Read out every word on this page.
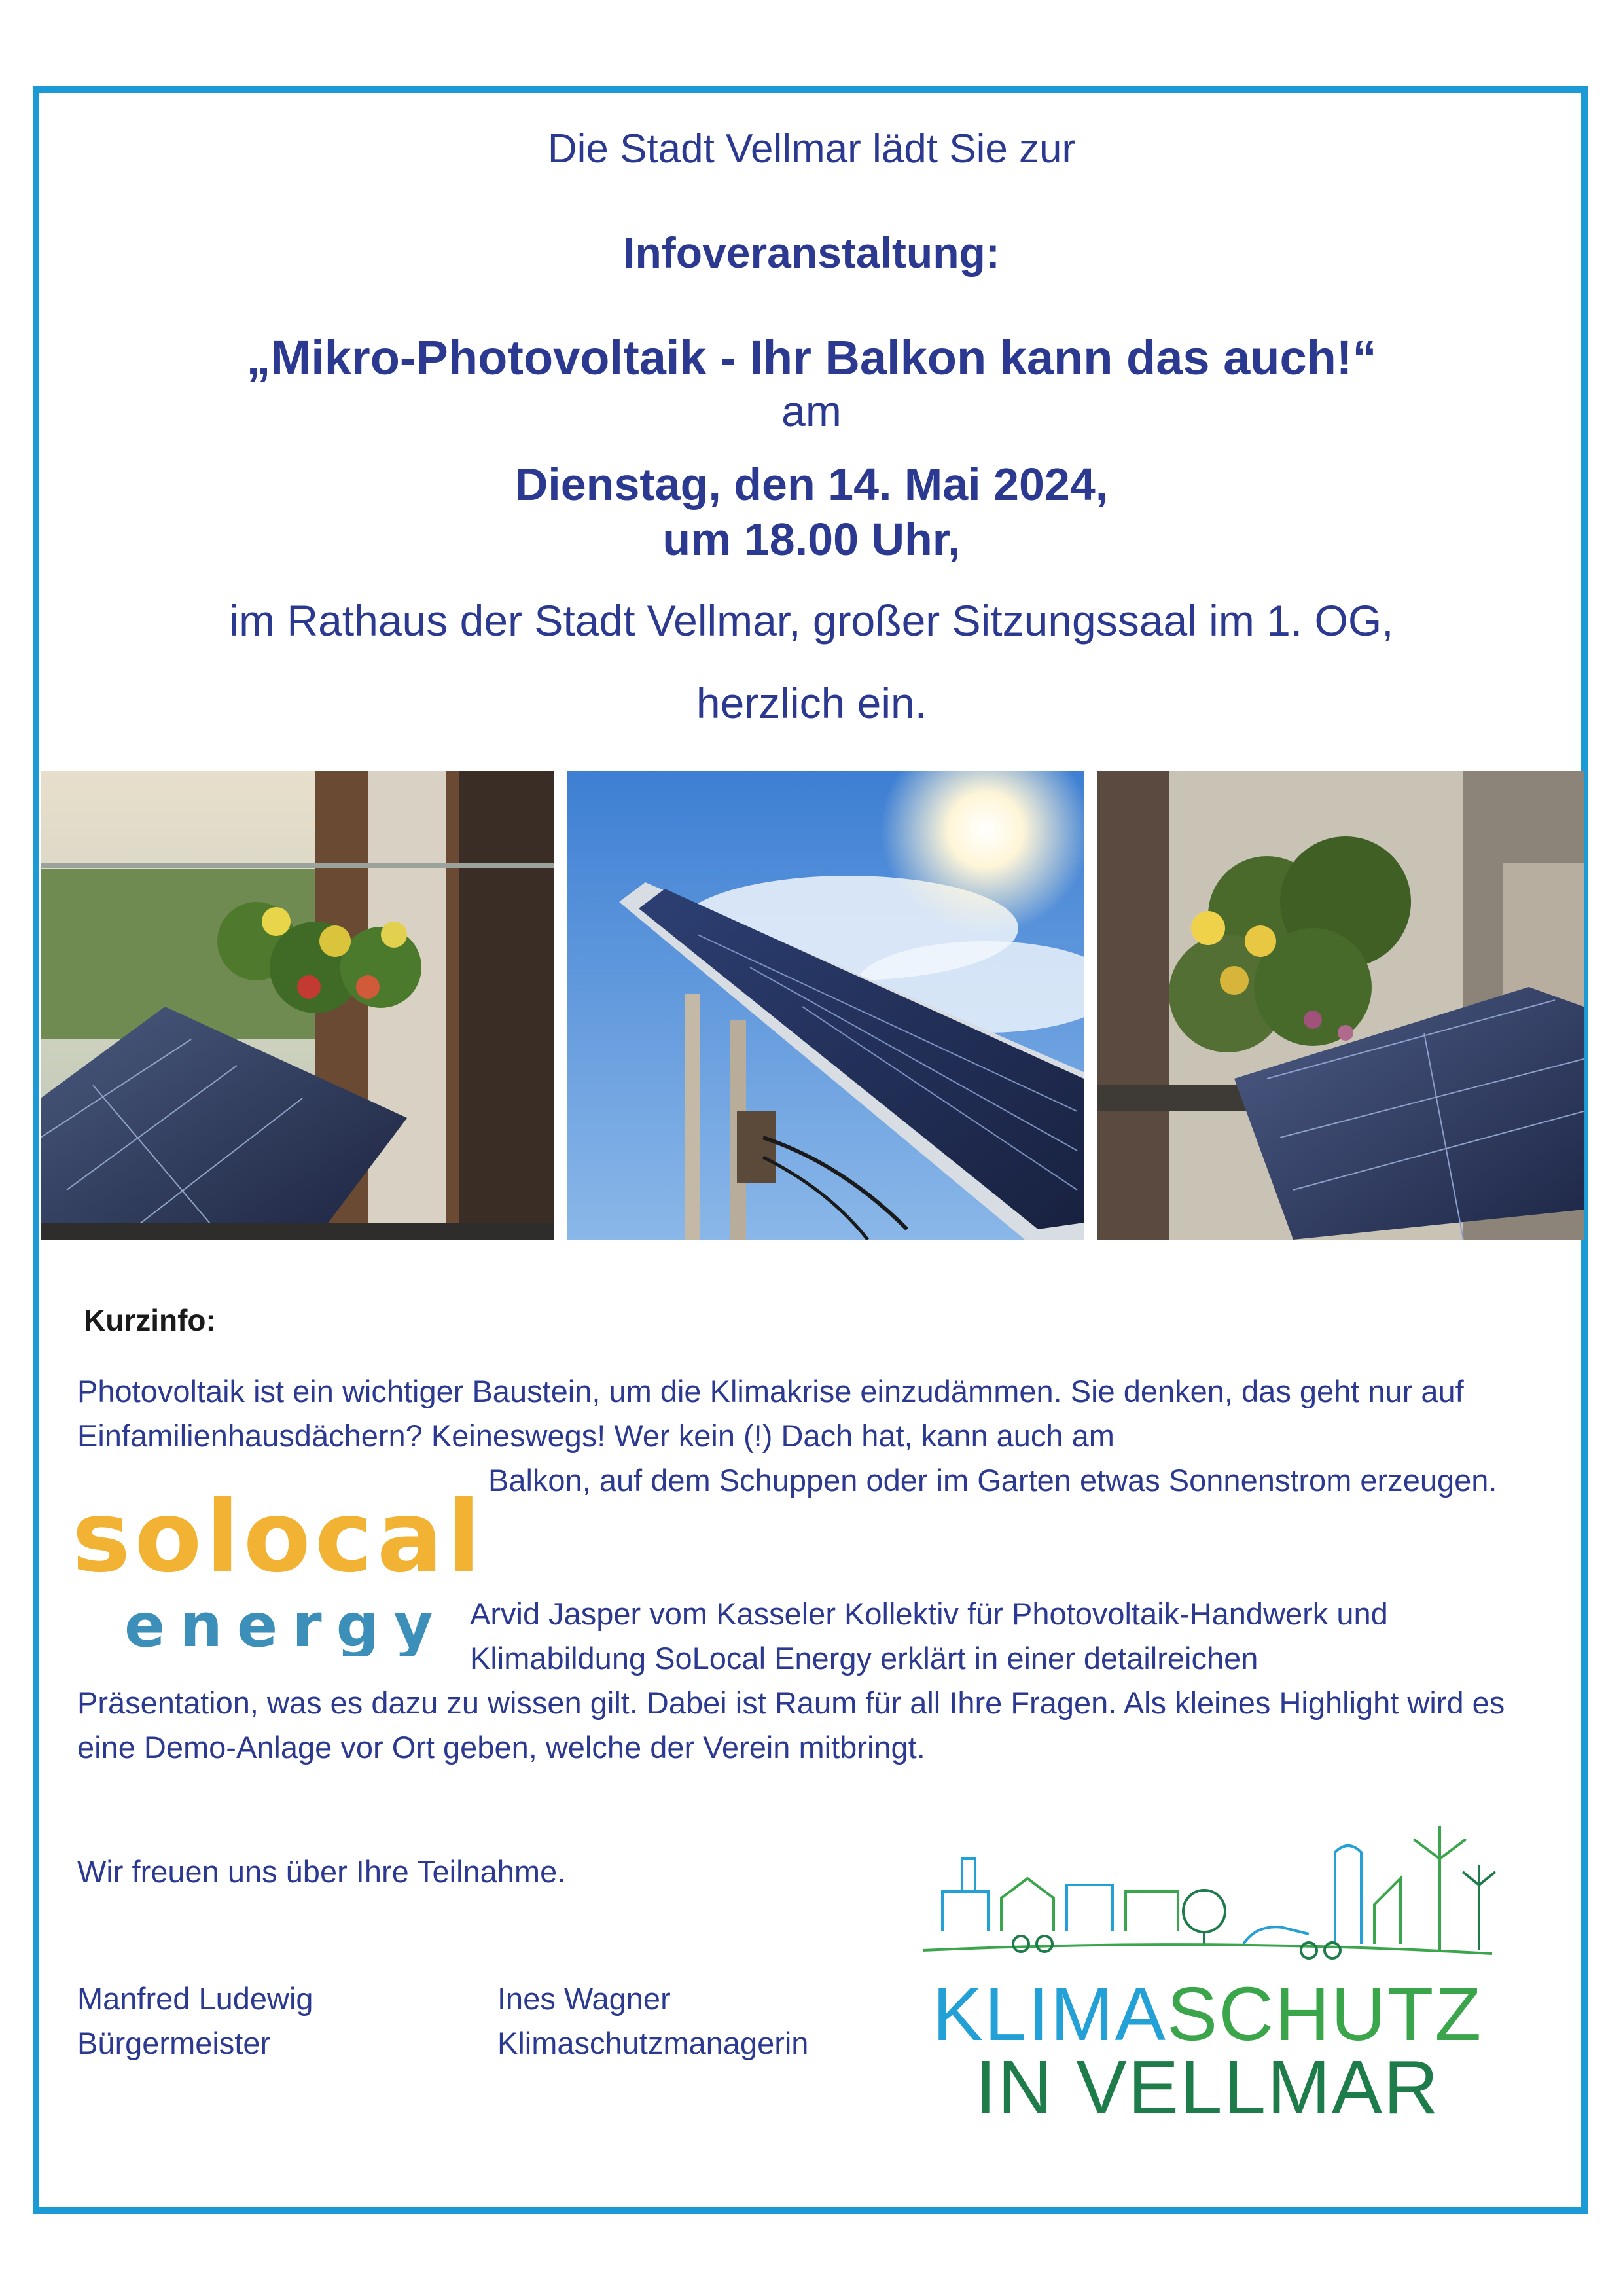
Die Stadt Vellmar lädt Sie zur
Infoveranstaltung:
„Mikro-Photovoltaik - Ihr Balkon kann das auch!“
am
Dienstag, den 14. Mai 2024,
um 18.00 Uhr,
im Rathaus der Stadt Vellmar, großer Sitzungssaal im 1. OG,
herzlich ein.
Kurzinfo:

Photovoltaik ist ein wichtiger Baustein, um die Klimakrise einzudämmen. Sie denken, das geht nur auf Einfamilienhausdächern? Keineswegs! Wer kein (!) Dach hat, kann auch am

Balkon, auf dem Schuppen oder im Garten etwas Sonnenstrom erzeugen.

Arvid Jasper vom Kasseler Kollektiv für Photovoltaik-Handwerk und Klimabildung SoLocal Energy erklärt in einer detailreichen

Präsentation, was es dazu zu wissen gilt. Dabei ist Raum für all Ihre Fragen. Als kleines Highlight wird es eine Demo-Anlage vor Ort geben, welche der Verein mitbringt.

solocal
energy
Wir freuen uns über Ihre Teilnahme.
Manfred Ludewig
Bürgermeister
Ines Wagner
Klimaschutzmanagerin KLIMASCHUTZ
IN VELLMAR
